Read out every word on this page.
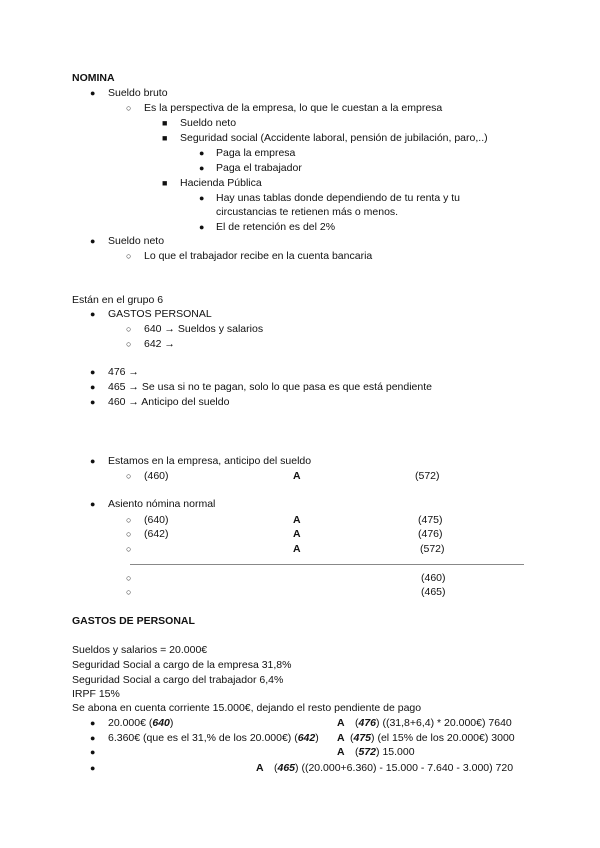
NOMINA
● Sueldo bruto
○ Es la perspectiva de la empresa, lo que le cuestan a la empresa
■ Sueldo neto
■ Seguridad social (Accidente laboral, pensión de jubilación, paro,..)
● Paga la empresa
● Paga el trabajador
■ Hacienda Pública
● Hay unas tablas donde dependiendo de tu renta y tu
circustancias te retienen más o menos.
● El de retención es del 2%
● Sueldo neto
○ Lo que el trabajador recibe en la cuenta bancaria
Están en el grupo 6
● GASTOS PERSONAL
○ 640 → Sueldos y salarios
○ 642 →
● 476 →
● 465 → Se usa si no te pagan, solo lo que pasa es que está pendiente
● 460 → Anticipo del sueldo
● Estamos en la empresa, anticipo del sueldo
○ (460)	A	(572)
● Asiento nómina normal
○ (640)	A	(475)
○ (642)	A	(476)
○	A	(572)
○	(460)
○	(465)
GASTOS DE PERSONAL
Sueldos y salarios = 20.000€
Seguridad Social a cargo de la empresa 31,8%
Seguridad Social a cargo del trabajador 6,4%
IRPF 15%
Se abona en cuenta corriente 15.000€, dejando el resto pendiente de pago
● 20.000€ (640)	A (476) ((31,8+6,4) * 20.000€) 7640
● 6.360€ (que es el 31,% de los 20.000€) (642) A (475) (el 15% de los 20.000€) 3000
●	A (572) 15.000
●	A (465) ((20.000+6.360) - 15.000 - 7.640 - 3.000) 720
